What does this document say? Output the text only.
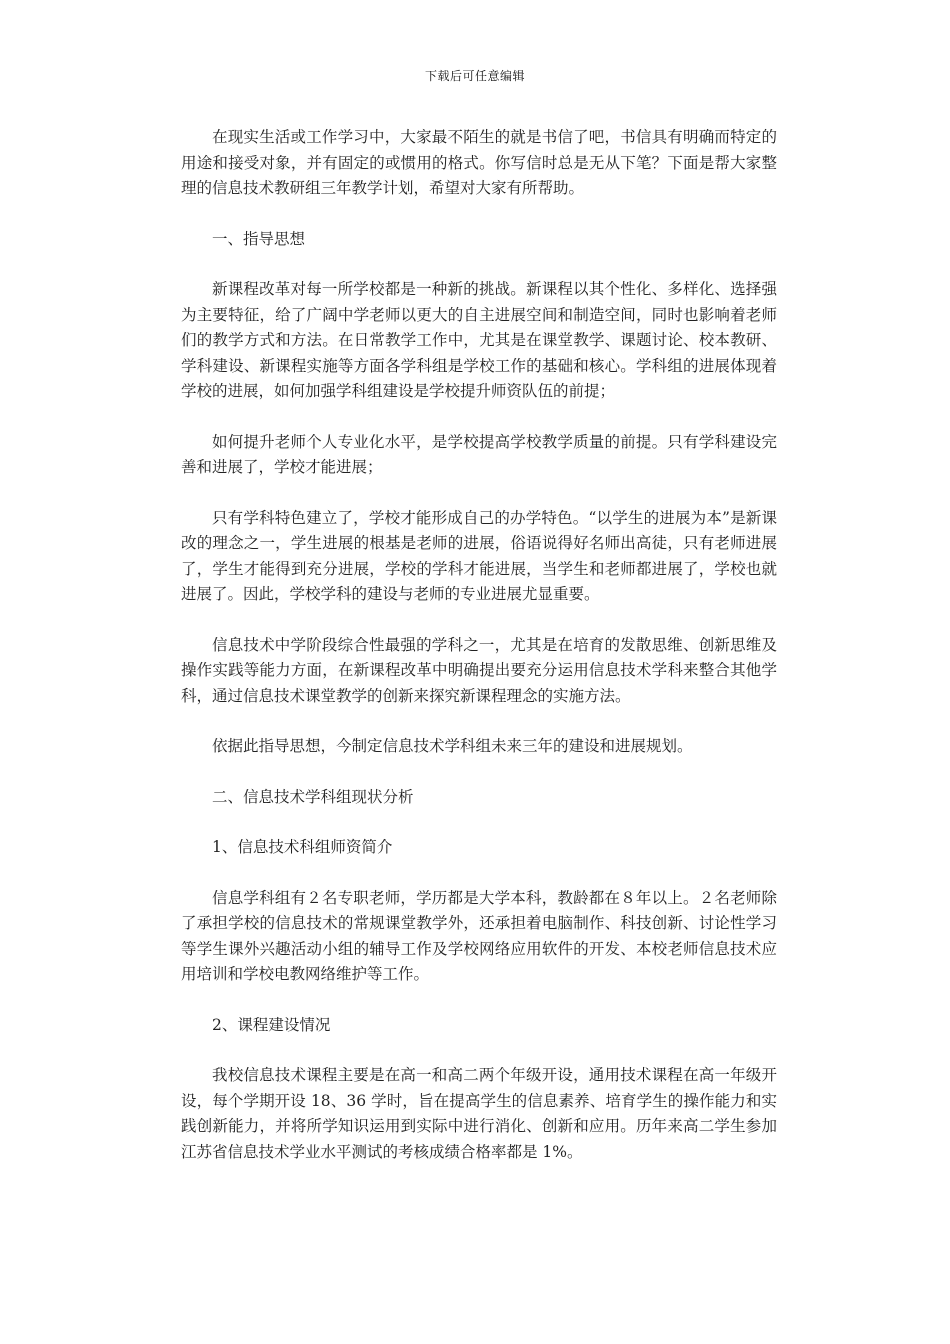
下载后可任意编辑

在现实生活或工作学习中，大家最不陌生的就是书信了吧，书信具有明确而特定的用途和接受对象，并有固定的或惯用的格式。你写信时总是无从下笔？下面是帮大家整理的信息技术教研组三年教学计划，希望对大家有所帮助。

一、指导思想

新课程改革对每一所学校都是一种新的挑战。新课程以其个性化、多样化、选择强为主要特征，给了广阔中学老师以更大的自主进展空间和制造空间，同时也影响着老师们的教学方式和方法。在日常教学工作中，尤其是在课堂教学、课题讨论、校本教研、学科建设、新课程实施等方面各学科组是学校工作的基础和核心。学科组的进展体现着学校的进展，如何加强学科组建设是学校提升师资队伍的前提；

如何提升老师个人专业化水平，是学校提高学校教学质量的前提。只有学科建设完善和进展了，学校才能进展；

只有学科特色建立了，学校才能形成自己的办学特色。“以学生的进展为本”是新课改的理念之一，学生进展的根基是老师的进展，俗语说得好名师出高徒，只有老师进展了，学生才能得到充分进展，学校的学科才能进展，当学生和老师都进展了，学校也就进展了。因此，学校学科的建设与老师的专业进展尤显重要。

信息技术中学阶段综合性最强的学科之一，尤其是在培育的发散思维、创新思维及操作实践等能力方面，在新课程改革中明确提出要充分运用信息技术学科来整合其他学科，通过信息技术课堂教学的创新来探究新课程理念的实施方法。

依据此指导思想，今制定信息技术学科组未来三年的建设和进展规划。

二、信息技术学科组现状分析

1、信息技术科组师资简介

信息学科组有２名专职老师，学历都是大学本科，教龄都在８年以上。２名老师除了承担学校的信息技术的常规课堂教学外，还承担着电脑制作、科技创新、讨论性学习等学生课外兴趣活动小组的辅导工作及学校网络应用软件的开发、本校老师信息技术应用培训和学校电教网络维护等工作。

2、课程建设情况

我校信息技术课程主要是在高一和高二两个年级开设，通用技术课程在高一年级开设，每个学期开设 18、36 学时，旨在提高学生的信息素养、培育学生的操作能力和实践创新能力，并将所学知识运用到实际中进行消化、创新和应用。历年来高二学生参加江苏省信息技术学业水平测试的考核成绩合格率都是 1%。
